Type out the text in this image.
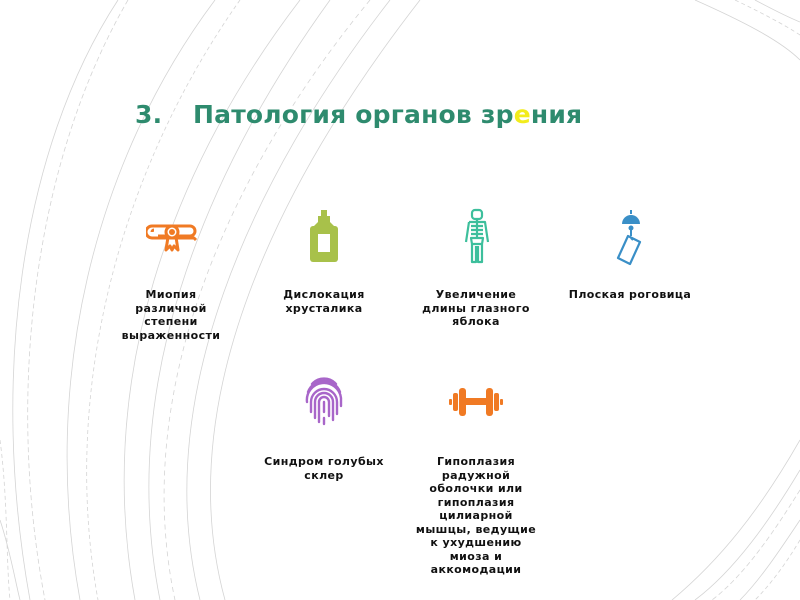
3. Патология органов зрения
Миопия
различной
степени
выраженности
Дислокация
хрусталика
Увеличение
длины глазного
яблока
Плоская роговица
Синдром голубых
склер
Гипоплазия
радужной
оболочки или
гипоплазия
цилиарной
мышцы, ведущие
к ухудшению
миоза и
аккомодации
